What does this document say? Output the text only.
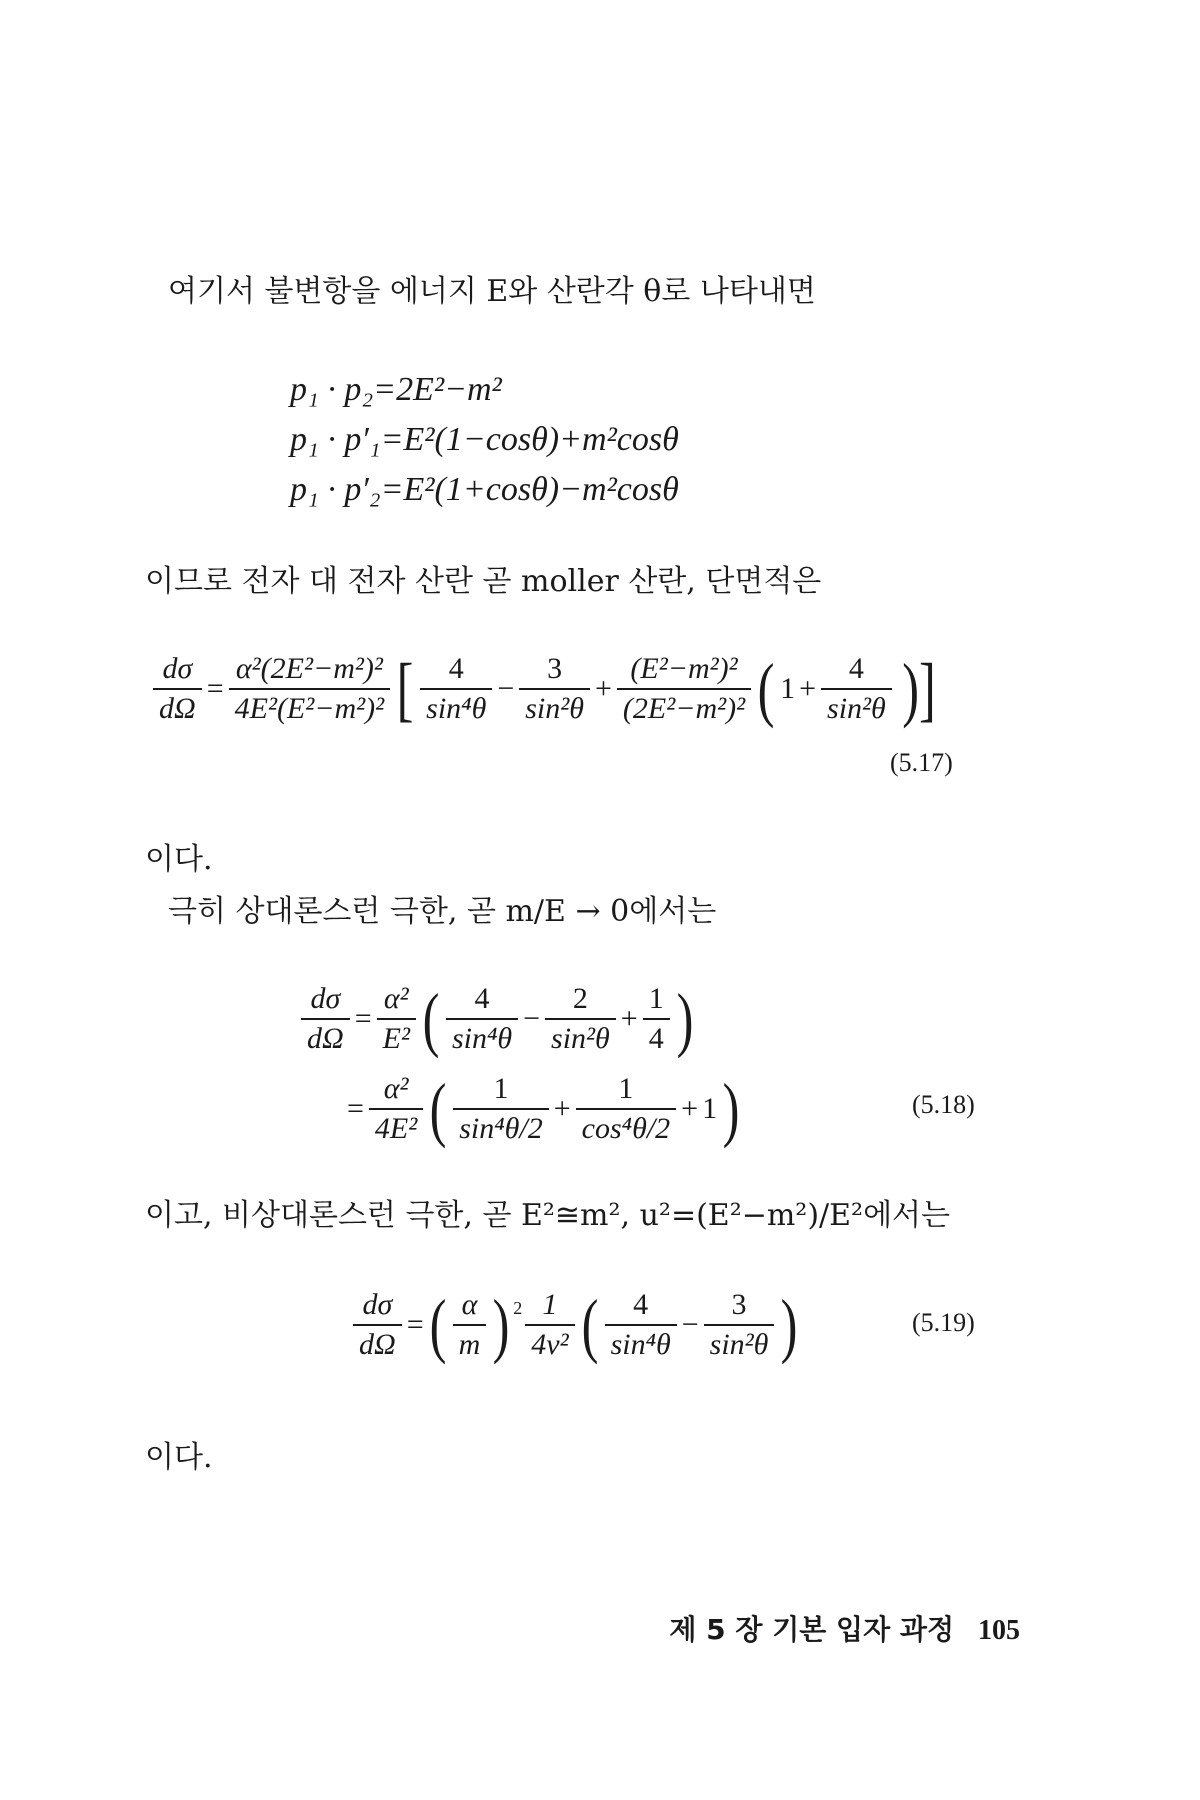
여기서 불변항을 에너지 E와 산란각 θ로 나타내면
p₁ · p₂=2E²−m²
p₁ · p′₁=E²(1−cosθ)+m²cosθ
p₁ · p′₂=E²(1+cosθ)−m²cosθ
이므로 전자 대 전자 산란 곧 moller 산란, 단면적은
$\frac{d\sigma}{d\Omega} = \frac{\text{α²(2E²−m²)²}}{\text{4E²(E²−m²)²}}$ [ $\frac{4}{\text{sin⁴θ}} - \frac{3}{\text{sin²θ}} + \frac{\text{(E²−m²)²}}{\text{(2E²−m²)²}}$ ( $1 + \frac{4}{\text{sin²θ}}$ )]
(5.17)
이다.
극히 상대론스런 극한, 곧 m/E → 0에서는
$\frac{d\sigma}{d\Omega} = \frac{\text{α²}}{\text{E²}}$ ( $\frac{4}{\text{sin⁴θ}} - \frac{2}{\text{sin²θ}} + \frac{1}{4}$ )
= $\frac{\text{α²}}{\text{4E²}}$ ( $\frac{1}{\text{sin⁴θ/2}} + \frac{1}{\text{cos⁴θ/2}} + 1$)	(5.18)
이고, 비상대론스런 극한, 곧 E²≅m², u²=(E²−m²)/E²에서는
$\frac{d\sigma}{d\Omega}$ =( $\frac{\alpha}{m}$ ) $^2 \frac{1}{\text{4v²}}$ ( $\frac{4}{\text{sin⁴θ}} - \frac{3}{\text{sin²θ}}$ )	(5.19)
이다.
제 5 장 기본 입자 과정 105
